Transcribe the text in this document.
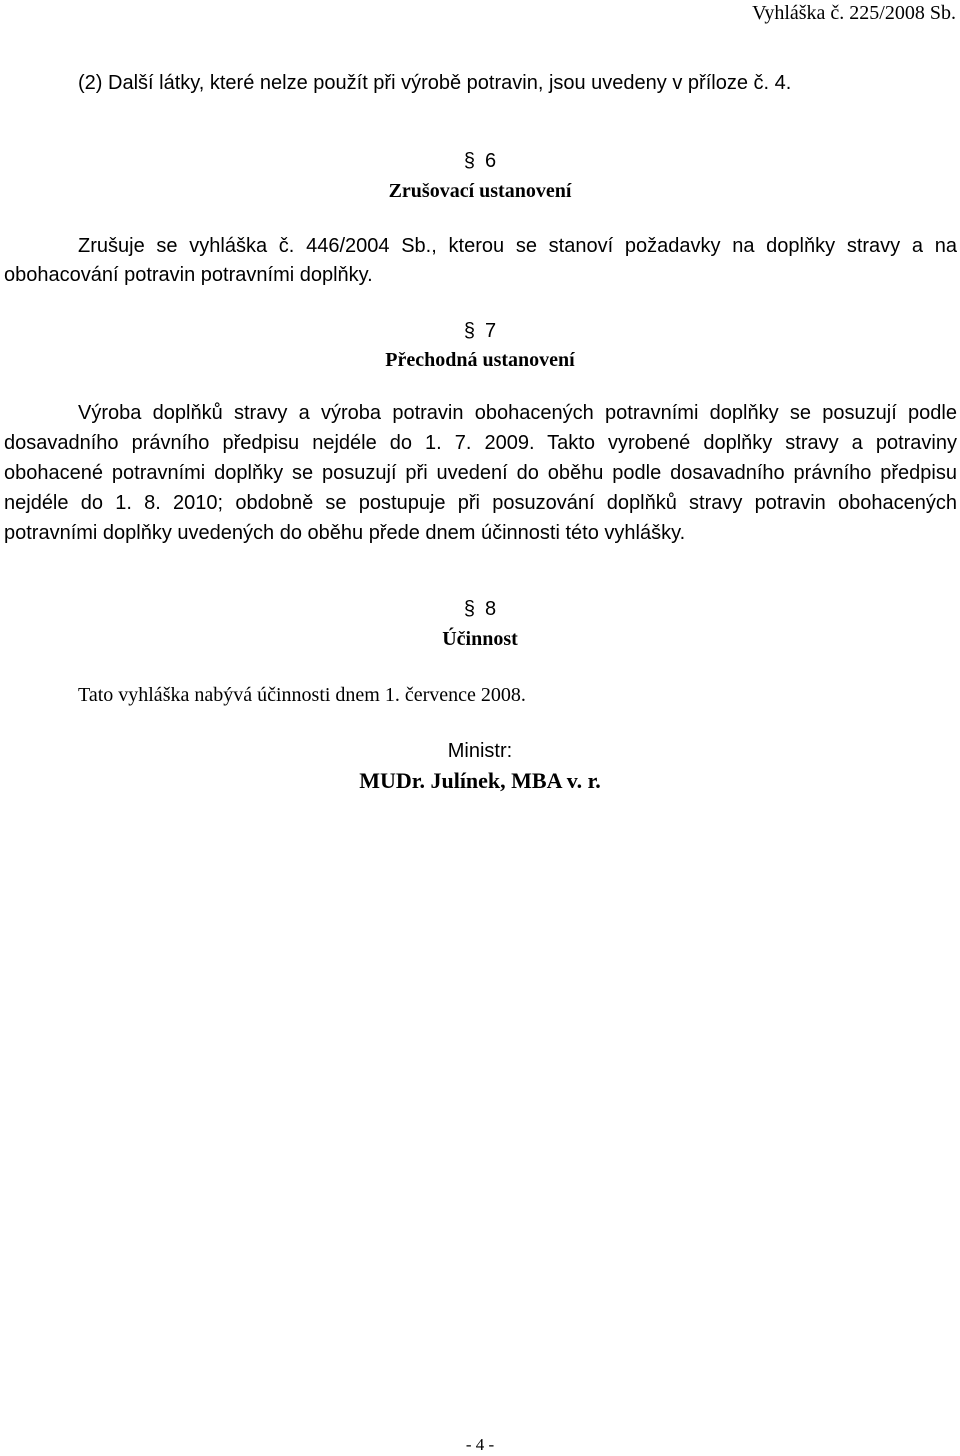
Vyhláška č. 225/2008 Sb.
(2) Další látky, které nelze použít při výrobě potravin, jsou uvedeny v příloze č. 4.
§ 6
Zrušovací ustanovení
Zrušuje se vyhláška č. 446/2004 Sb., kterou se stanoví požadavky na doplňky stravy a na obohacování potravin potravními doplňky.
§ 7
Přechodná ustanovení
Výroba doplňků stravy a výroba potravin obohacených potravními doplňky se posuzují podle dosavadního právního předpisu nejdéle do 1. 7. 2009. Takto vyrobené doplňky stravy a potraviny obohacené potravními doplňky se posuzují při uvedení do oběhu podle dosavadního právního předpisu nejdéle do 1. 8. 2010; obdobně se postupuje při posuzování doplňků stravy potravin obohacených potravními doplňky uvedených do oběhu přede dnem účinnosti této vyhlášky.
§ 8
Účinnost
Tato vyhláška nabývá účinnosti dnem 1. července 2008.
Ministr:
MUDr. Julínek, MBA v. r.
- 4 -
